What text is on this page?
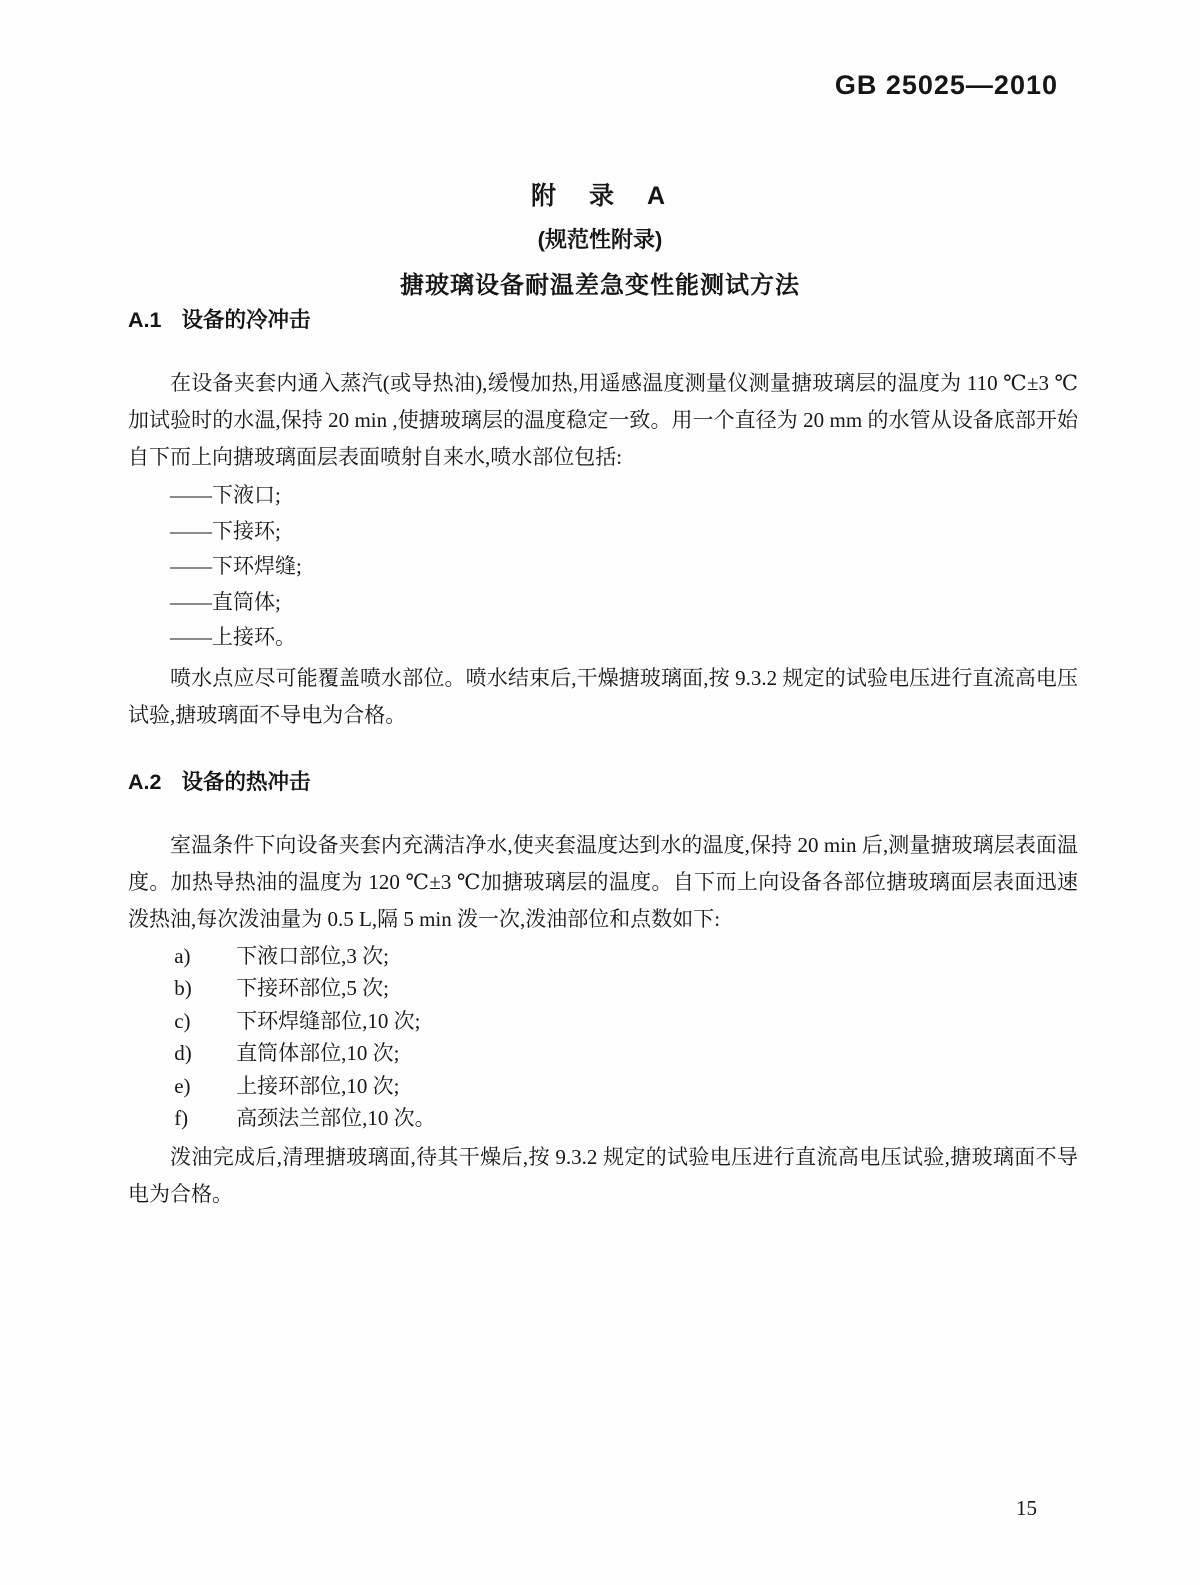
GB 25025—2010
附　录　A
(规范性附录)
搪玻璃设备耐温差急变性能测试方法
A.1 设备的冷冲击

在设备夹套内通入蒸汽(或导热油),缓慢加热,用遥感温度测量仪测量搪玻璃层的温度为 110 ℃±3 ℃加试验时的水温,保持 20 min ,使搪玻璃层的温度稳定一致。用一个直径为 20 mm 的水管从设备底部开始自下而上向搪玻璃面层表面喷射自来水,喷水部位包括:

——下液口;
——下接环;
——下环焊缝;
——直筒体;
——上接环。

喷水点应尽可能覆盖喷水部位。喷水结束后,干燥搪玻璃面,按 9.3.2 规定的试验电压进行直流高电压试验,搪玻璃面不导电为合格。

A.2 设备的热冲击

室温条件下向设备夹套内充满洁净水,使夹套温度达到水的温度,保持 20 min 后,测量搪玻璃层表面温度。加热导热油的温度为 120 ℃±3 ℃加搪玻璃层的温度。自下而上向设备各部位搪玻璃面层表面迅速泼热油,每次泼油量为 0.5 L,隔 5 min 泼一次,泼油部位和点数如下:

a)	下液口部位,3 次;
b)	下接环部位,5 次;
c)	下环焊缝部位,10 次;
d)	直筒体部位,10 次;
e)	上接环部位,10 次;
f)	高颈法兰部位,10 次。

泼油完成后,清理搪玻璃面,待其干燥后,按 9.3.2 规定的试验电压进行直流高电压试验,搪玻璃面不导电为合格。

15
